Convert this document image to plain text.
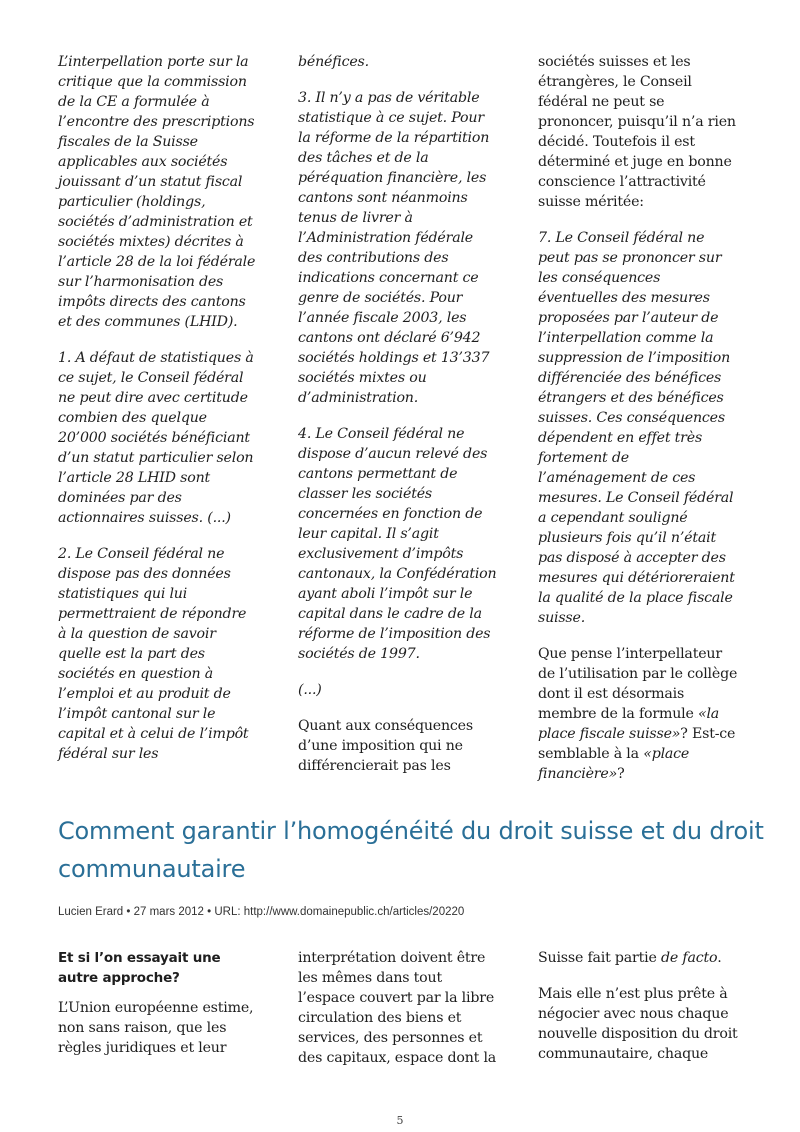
L’interpellation porte sur la critique que la commission de la CE a formulée à l’encontre des prescriptions fiscales de la Suisse applicables aux sociétés jouissant d’un statut fiscal particulier (holdings, sociétés d’administration et sociétés mixtes) décrites à l’article 28 de la loi fédérale sur l’harmonisation des impôts directs des cantons et des communes (LHID).

1. A défaut de statistiques à ce sujet, le Conseil fédéral ne peut dire avec certitude combien des quelque 20’000 sociétés bénéficiant d’un statut particulier selon l’article 28 LHID sont dominées par des actionnaires suisses. (...)

2. Le Conseil fédéral ne dispose pas des données statistiques qui lui permettraient de répondre à la question de savoir quelle est la part des sociétés en question à l’emploi et au produit de l’impôt cantonal sur le capital et à celui de l’impôt fédéral sur les

bénéfices.

3. Il n’y a pas de véritable statistique à ce sujet. Pour la réforme de la répartition des tâches et de la péréquation financière, les cantons sont néanmoins tenus de livrer à l’Administration fédérale des contributions des indications concernant ce genre de sociétés. Pour l’année fiscale 2003, les cantons ont déclaré 6’942 sociétés holdings et 13’337 sociétés mixtes ou d’administration.

4. Le Conseil fédéral ne dispose d’aucun relevé des cantons permettant de classer les sociétés concernées en fonction de leur capital. Il s’agit exclusivement d’impôts cantonaux, la Confédération ayant aboli l’impôt sur le capital dans le cadre de la réforme de l’imposition des sociétés de 1997.

(...)

Quant aux conséquences d’une imposition qui ne différencierait pas les

sociétés suisses et les étrangères, le Conseil fédéral ne peut se prononcer, puisqu’il n’a rien décidé. Toutefois il est déterminé et juge en bonne conscience l’attractivité suisse méritée:

7. Le Conseil fédéral ne peut pas se prononcer sur les conséquences éventuelles des mesures proposées par l’auteur de l’interpellation comme la suppression de l’imposition différenciée des bénéfices étrangers et des bénéfices suisses. Ces conséquences dépendent en effet très fortement de l’aménagement de ces mesures. Le Conseil fédéral a cependant souligné plusieurs fois qu’il n’était pas disposé à accepter des mesures qui détérioreraient la qualité de la place fiscale suisse.

Que pense l’interpellateur de l’utilisation par le collège dont il est désormais membre de la formule «la place fiscale suisse»? Est-ce semblable à la «place financière»?

Comment garantir l’homogénéité du droit suisse et du droit communautaire
Lucien Erard • 27 mars 2012 • URL: http://www.domainepublic.ch/articles/20220
Et si l’on essayait une autre approche?

L’Union européenne estime, non sans raison, que les règles juridiques et leur

interprétation doivent être les mêmes dans tout l’espace couvert par la libre circulation des biens et services, des personnes et des capitaux, espace dont la

Suisse fait partie de facto.

Mais elle n’est plus prête à négocier avec nous chaque nouvelle disposition du droit communautaire, chaque

5
